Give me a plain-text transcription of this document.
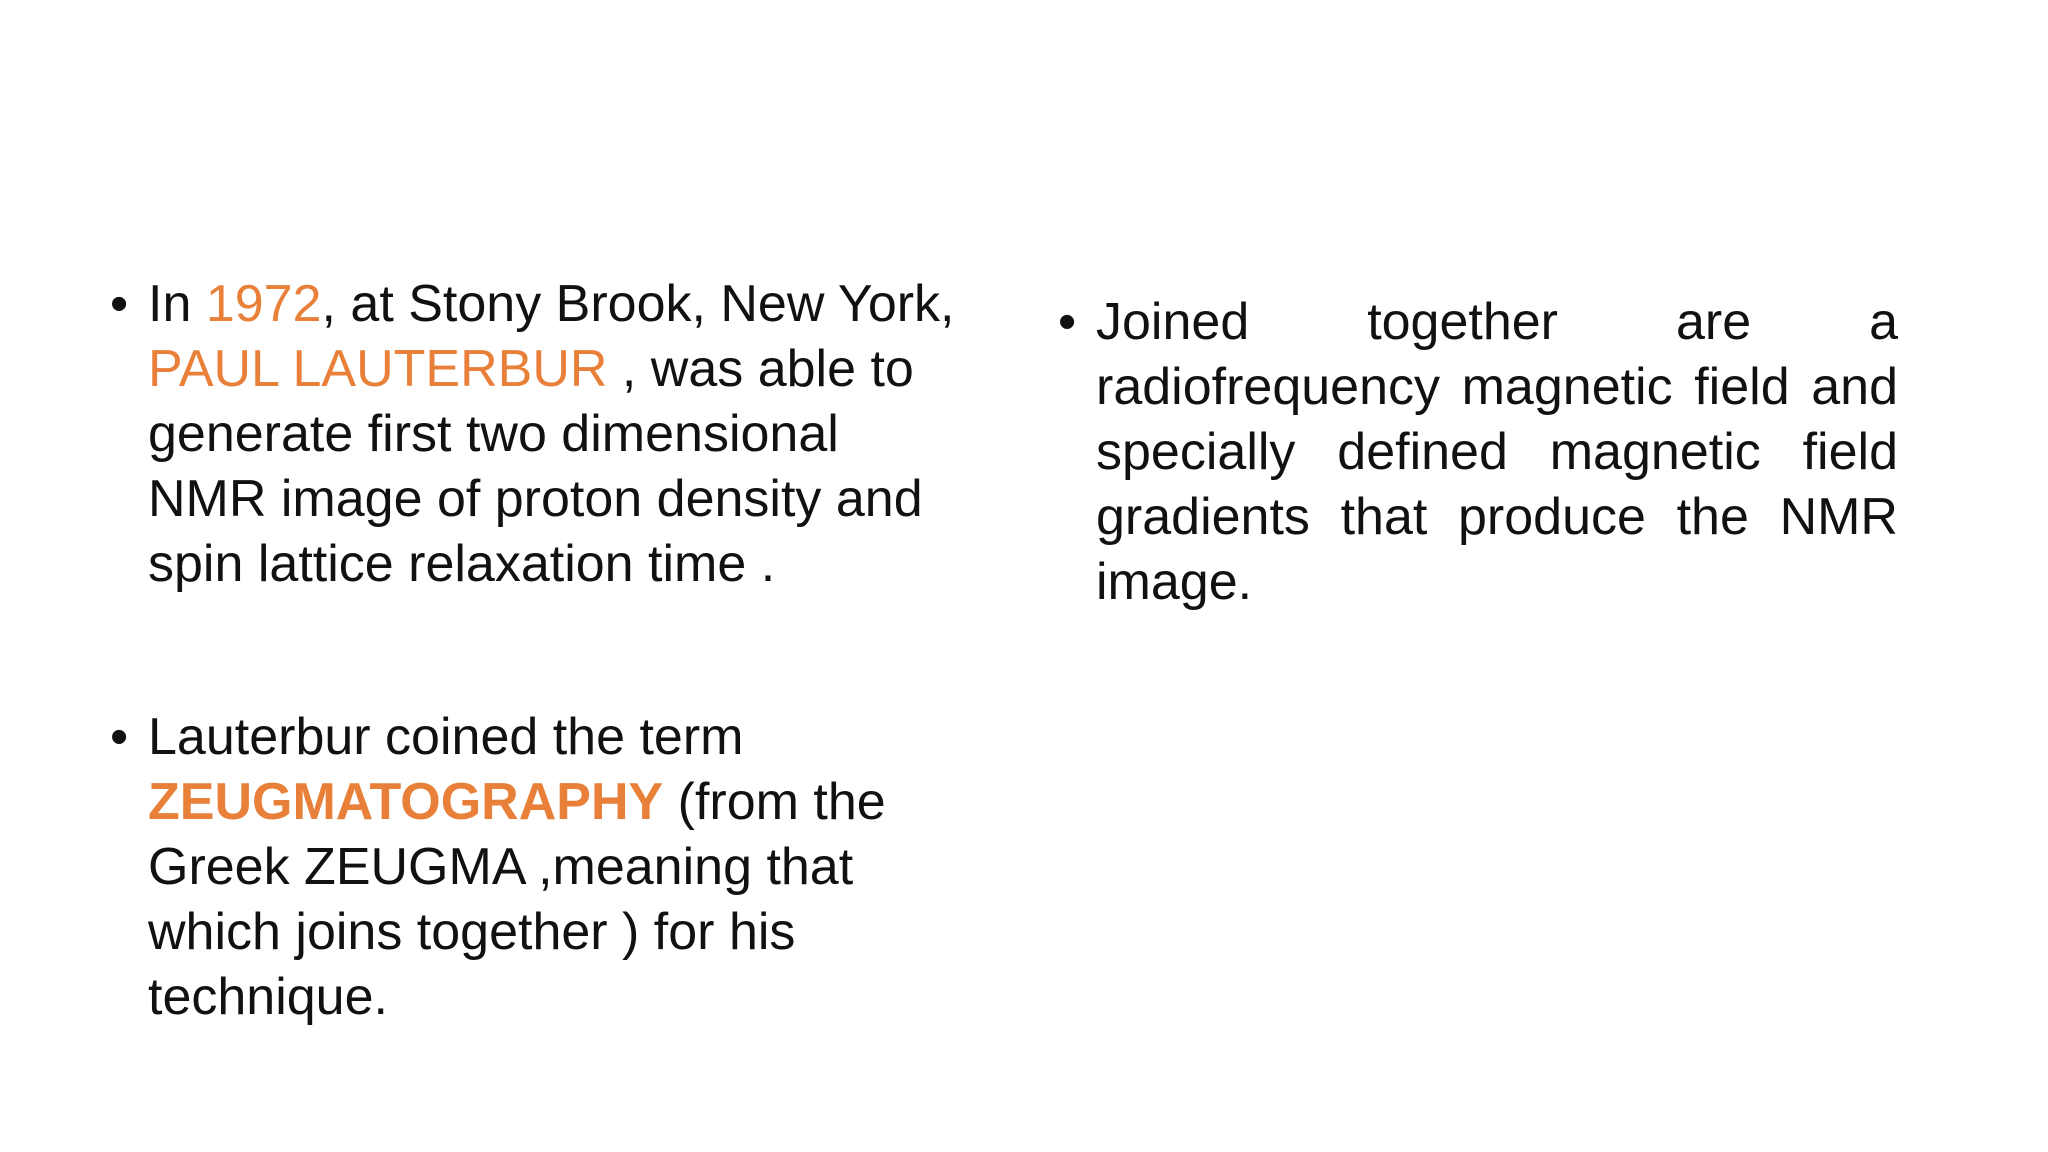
• In 1972, at Stony Brook, New York,
PAUL LAUTERBUR , was able to
generate first two dimensional
NMR image of proton density and
spin lattice relaxation time .
• Lauterbur coined the term
ZEUGMATOGRAPHY (from the
Greek ZEUGMA ,meaning that
which joins together ) for his
technique.
• Joined together are a radiofrequency magnetic field and specially defined magnetic field gradients that produce the NMR image.
